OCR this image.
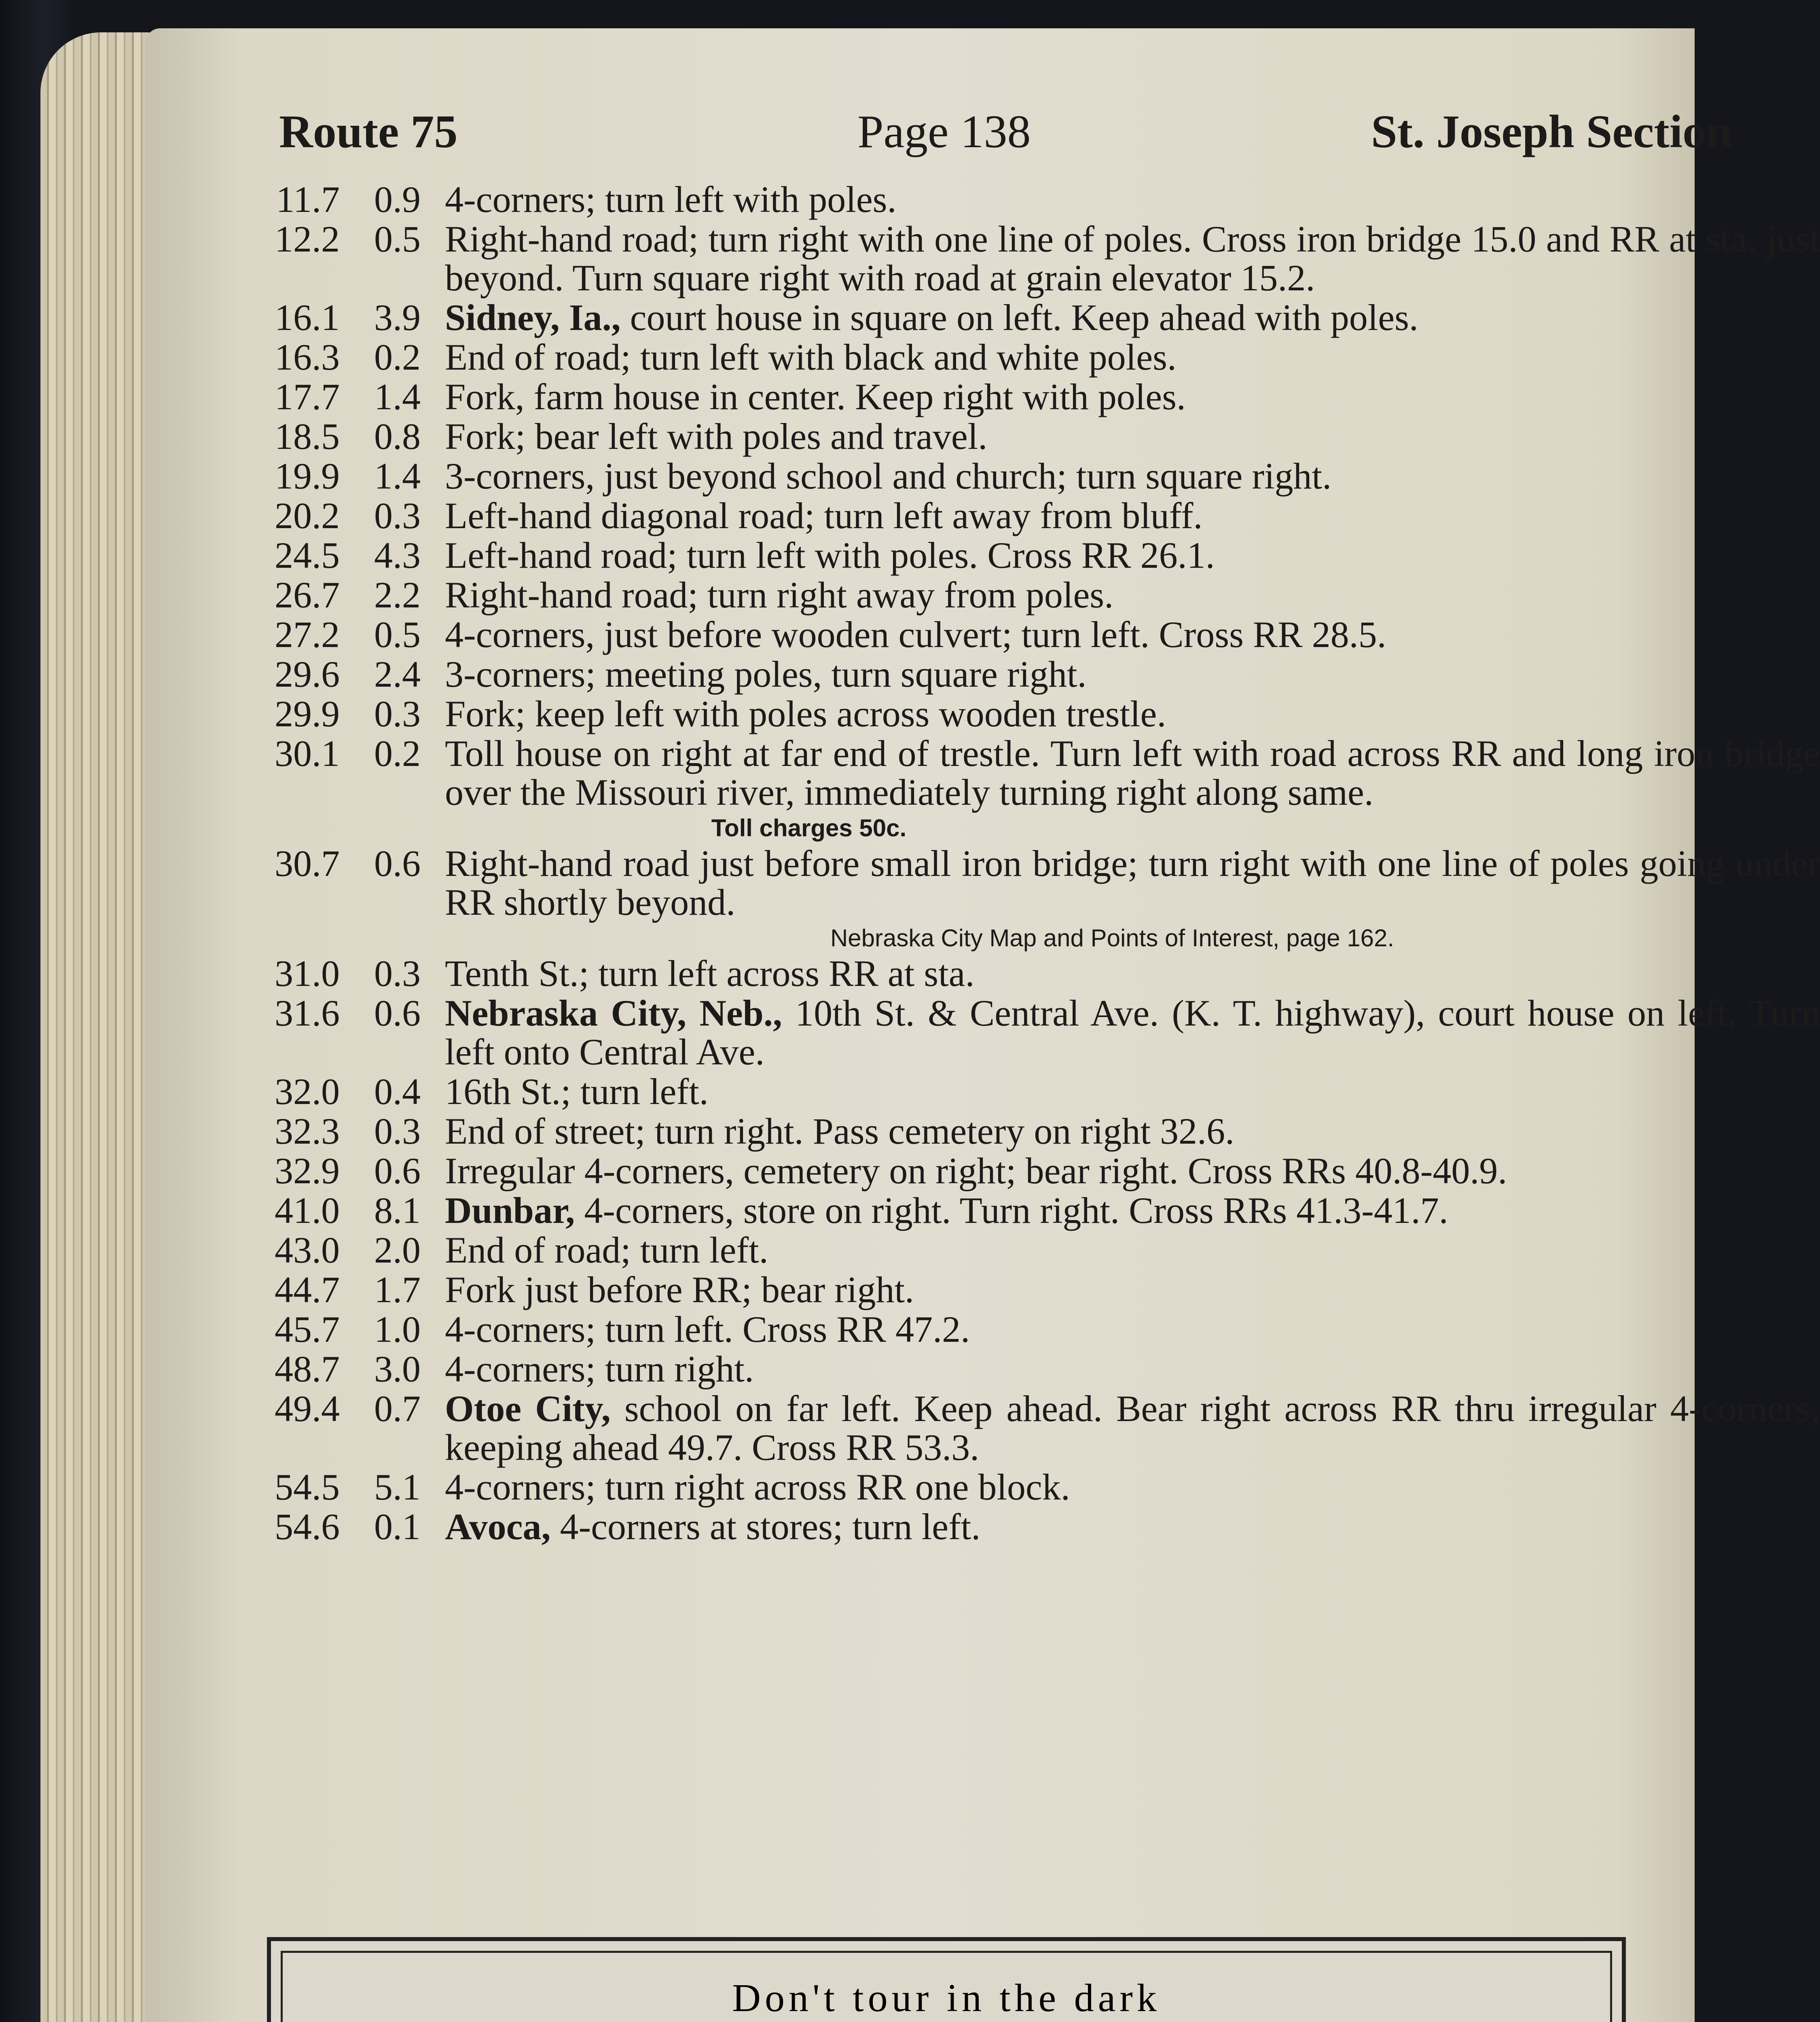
Route 75	Page 138	St. Joseph Section
11.7 0.9 4-corners; turn left with poles.
12.2 0.5 Right-hand road; turn right with one line of poles. Cross iron bridge 15.0 and RR at sta. just beyond. Turn square right with road at grain elevator 15.2.
16.1 3.9 Sidney, Ia., court house in square on left. Keep ahead with poles.
16.3 0.2 End of road; turn left with black and white poles.
17.7 1.4 Fork, farm house in center. Keep right with poles.
18.5 0.8 Fork; bear left with poles and travel.
19.9 1.4 3-corners, just beyond school and church; turn square right.
20.2 0.3 Left-hand diagonal road; turn left away from bluff.
24.5 4.3 Left-hand road; turn left with poles. Cross RR 26.1.
26.7 2.2 Right-hand road; turn right away from poles.
27.2 0.5 4-corners, just before wooden culvert; turn left. Cross RR 28.5.
29.6 2.4 3-corners; meeting poles, turn square right.
29.9 0.3 Fork; keep left with poles across wooden trestle.
30.1 0.2 Toll house on right at far end of trestle. Turn left with road across RR and long iron bridge over the Missouri river, immediately turning right along same.
Toll charges 50c.
30.7 0.6 Right-hand road just before small iron bridge; turn right with one line of poles going under RR shortly beyond.
Nebraska City Map and Points of Interest, page 162.
31.0 0.3 Tenth St.; turn left across RR at sta.
31.6 0.6 Nebraska City, Neb., 10th St. & Central Ave. (K. T. highway), court house on left. Turn left onto Central Ave.
32.0 0.4 16th St.; turn left.
32.3 0.3 End of street; turn right. Pass cemetery on right 32.6.
32.9 0.6 Irregular 4-corners, cemetery on right; bear right. Cross RRs 40.8-40.9.
41.0 8.1 Dunbar, 4-corners, store on right. Turn right. Cross RRs 41.3-41.7.
43.0 2.0 End of road; turn left.
44.7 1.7 Fork just before RR; bear right.
45.7 1.0 4-corners; turn left. Cross RR 47.2.
48.7 3.0 4-corners; turn right.
49.4 0.7 Otoe City, school on far left. Keep ahead. Bear right across RR thru irregular 4-corners, keeping ahead 49.7. Cross RR 53.3.
54.5 5.1 4-corners; turn right across RR one block.
54.6 0.1 Avoca, 4-corners at stores; turn left.
Don't tour in the dark
